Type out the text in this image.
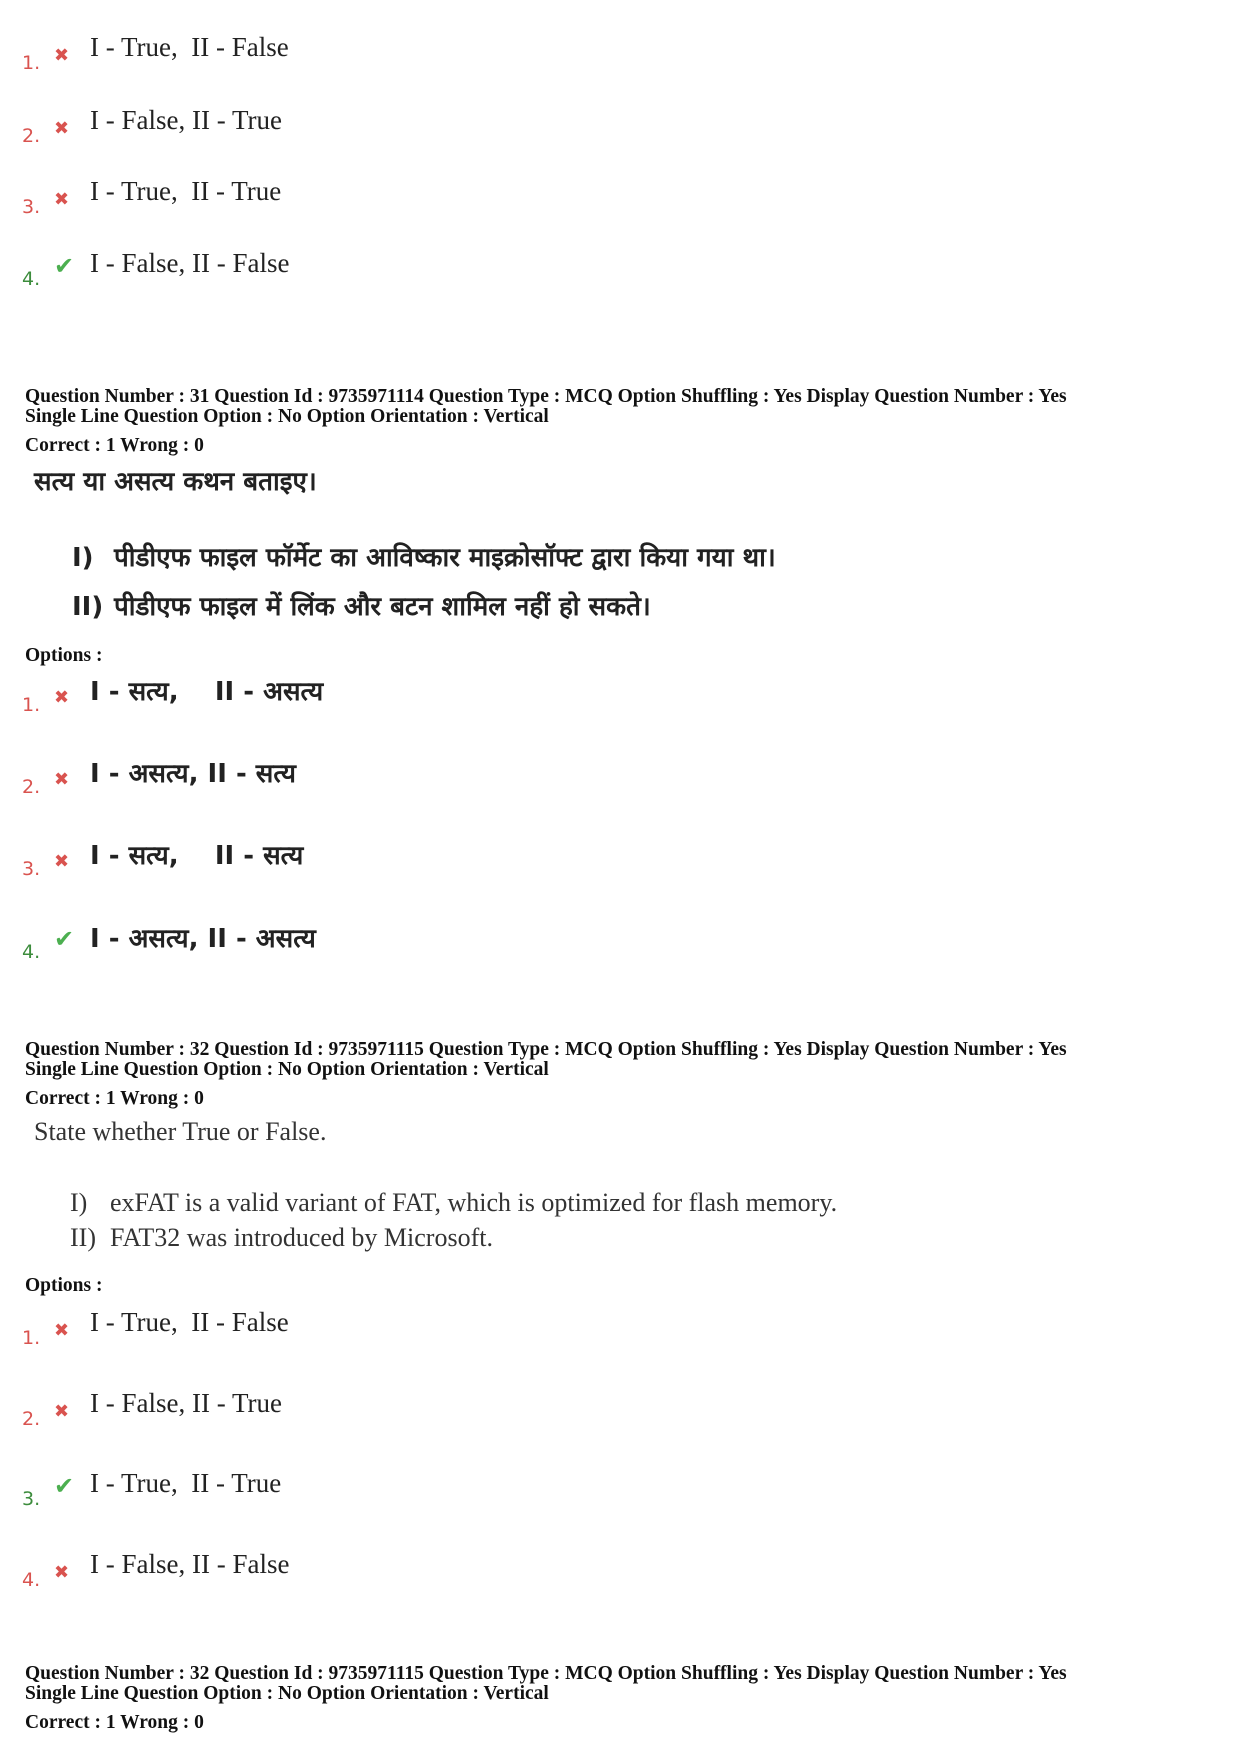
1. ✖ I - True,  II - False
2. ✖ I - False, II - True
3. ✖ I - True,  II - True
4. ✔ I - False, II - False
Question Number : 31 Question Id : 9735971114 Question Type : MCQ Option Shuffling : Yes Display Question Number : Yes
Single Line Question Option : No Option Orientation : Vertical
Correct : 1 Wrong : 0
सत्य या असत्य कथन बताइए।
I) पीडीएफ फाइल फॉर्मेट का आविष्कार माइक्रोसॉफ्ट द्वारा किया गया था।
II) पीडीएफ फाइल में लिंक और बटन शामिल नहीं हो सकते।
Options :
1. ✖ I - सत्य,    II - असत्य
2. ✖ I - असत्य, II - सत्य
3. ✖ I - सत्य,    II - सत्य
4. ✔ I - असत्य, II - असत्य
Question Number : 32 Question Id : 9735971115 Question Type : MCQ Option Shuffling : Yes Display Question Number : Yes
Single Line Question Option : No Option Orientation : Vertical
Correct : 1 Wrong : 0
State whether True or False.
I) exFAT is a valid variant of FAT, which is optimized for flash memory.
II) FAT32 was introduced by Microsoft.
Options :
1. ✖ I - True,  II - False
2. ✖ I - False, II - True
3. ✔ I - True,  II - True
4. ✖ I - False, II - False
Question Number : 32 Question Id : 9735971115 Question Type : MCQ Option Shuffling : Yes Display Question Number : Yes
Single Line Question Option : No Option Orientation : Vertical
Correct : 1 Wrong : 0
